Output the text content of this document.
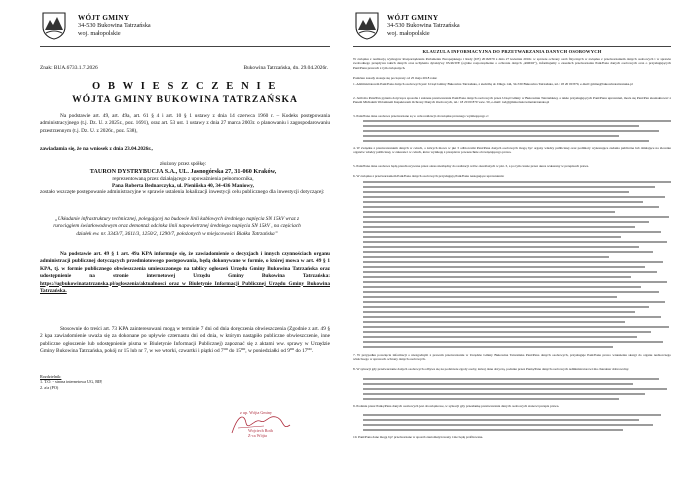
WÓJT GMINY
34-530 Bukowina Tatrzańska
woj. małopolskie
Znak: BUA.6733.1.7.2026	Bukowina Tatrzańska, dn. 29.04.2026r.
O B W I E S Z C Z E N I E
WÓJTA GMINY BUKOWINA TATRZAŃSKA
Na podstawie art. 49, art. 49a, art. 61 § 4 i art. 10 § 1 ustawy z dnia 14 czerwca 1960 r. – Kodeks postępowania administracyjnego (t.j. Dz. U. z 2025r., poz. 1691), oraz art. 53 ust. 1 ustawy z dnia 27 marca 2003r. o planowaniu i zagospodarowaniu przestrzennym (t.j. Dz. U. z 2026r., poz. 538),
zawiadamia się, że na wniosek z dnia 23.04.2026r.,
złożony przez spółkę:
TAURON DYSTRYBUCJA S.A., UL. Jasnogórska 27, 31-060 Kraków,
reprezentowaną przez działającego z upoważnienia pełnomocnika,
Pana Roberta Bednarczyka, ul. Pieniñska 40, 34-436 Maniowy,
zostało wszczęte postępowanie administracyjne w sprawie ustalenia lokalizacji inwestycji celu publicznego dla inwestycji dotyczącej:
„Układanie infrastruktury technicznej, polegającej na budowie linii kablowych średniego napięcia SN 15kV wraz z rurociągiem światłowodowym oraz demontaż odcinka linii napowietrznej średniego napięcia SN 15kV , na częściach działek ew. nr. 3343/7, 3611/3, 1250/2, 1290/7, położonych w miejscowości Białka Tatrzańska”
Na podstawie art. 49 § 1 art. 49a KPA informuje się, że zawiadomienie o decyzjach i innych czynnościach organu administracji publicznej dotyczących przedmiotowego postępowania, będą dokonywane w formie, o której mowa w art. 49 § 1 KPA, tj. w formie publicznego obwieszczenia umieszczonego na tablicy ogłoszeń Urzędu Gminy Bukowina Tatrzańska oraz udostępnienie na stronie internetowej Urzędu Gminy Bukowina Tatrzańska: https://ugbukowinatatrzanska.pl/ogloszenia/aktualnosci oraz w Biuletynie Informacji Publicznej Urzędu Gminy Bukowina Tatrzańska.
Stosownie do treści art. 73 KPA zainteresowani mogą w terminie 7 dni od dnia doręczenia obwieszczenia (Zgodnie z art. 49 § 2 kpa zawiadomienie uważa się za dokonane po upływie czternastu dni od dnia, w którym nastąpiło publiczne obwieszczenie, inne publiczne ogłoszenie lub udostępnienie pisma w Biuletynie Informacji Publicznej) zapoznać się z aktami ww. sprawy w Urzędzie Gminy Bukowina Tatrzańska, pokój nr 15 lub nr 7, w we wtorki, czwartki i piątki od 7⁰⁰ do 15⁰⁰, w poniedziałki od 9⁰⁰ do 17⁰⁰.
Rozdzielnik:
1. T.O. - strona internetowa UG, BIP,
2. a/a (PO)
z up. Wójta Gminy
Wojciech Roth
Z-ca Wójta
WÓJT GMINY
34-530 Bukowina Tatrzańska
woj. małopolskie
KLAUZULA INFORMACYJNA DO PRZETWARZANIA DANYCH OSOBOWYCH
W związku z realizacją wymogów Rozporządzenia Parlamentu Europejskiego i Rady (UE) 2016/679 z dnia 27 kwietnia 2016r. w sprawie ochrony osób fizycznych w związku z przetwarzaniem danych osobowych i w sprawie swobodnego przepływu takich danych oraz uchylenia dyrektywy 95/46/WE (ogólne rozporządzenie o ochronie danych „RODO”), informujemy o zasadach przetwarzania Pani/Pana danych osobowych oraz o przysługujących Pani/Panu prawach z tym związanych.
Poniższe zasady stosuje się począwszy od 25 maja 2018 roku:
1. Administratorem Pani/Pana danych osobowych jest: Urząd Gminy Bukowina Tatrzańska, z siedzibą ul. Długa 144, 34-530 Bukowina Tatrzańska, tel.: 18 20 00 870, e-mail: gmina@bukowinatatrzanska.pl
2. Jeśli ma Pani/Pan pytania dotyczące sposobu i zakresu przetwarzania Pani/Pana danych osobowych przez Urząd Gminy w Bukowinie Tatrzańskiej, a także przysługujących Pani/Panu uprawnień, może się Pani/Pan skontaktować z Panem Michałem Wolaninem Inspektorem Ochrony Danych Osobowych, tel.: 18 20 00 870 wew. 50, e-mail: iod@gmina.bukowinatatrzanska.pl
3. Pani/Pana dane osobowe przetwarzane są w celu realizacji obowiązku prawnego wynikającego z:
4. W związku z przetwarzaniem danych w celach, o których mowa w pkt 3 odbiorcami Pani/Pana danych osobowych mogą być organy władzy publicznej oraz podmioty wykonujące zadania publiczne lub działające na zlecenie organów władzy publicznej, w zakresie i w celach, które wynikają z przepisów powszechnie obowiązującego prawa.
5. Pani/Pana dane osobowe będą przechowywane przez okres niezbędny do realizacji celów określonych w pkt. 3, a po tym czasie przez okres wskazany w przepisach prawa.
6. W związku z przetwarzaniem Pani/Pana danych osobowych przysługują Pani/Panu następujące uprawnienia:
7. W przypadku powzięcia informacji o niezgodnym z prawem przetwarzaniu w Urzędzie Gminy Bukowina Tatrzańska Pani/Pana danych osobowych, przysługuje Pani/Panu prawo wniesienia skargi do organu nadzorczego właściwego w sprawach ochrony danych osobowych.
8. W sytuacji gdy przetwarzanie danych osobowych odbywa się na podstawie zgody osoby, której dane dotyczą, podanie przez Panią/Pana danych osobowych Administratorowi ma charakter dobrowolny.
9. Podanie przez Panią/Pana danych osobowych jest obowiązkowe, w sytuacji gdy przesłankę przetwarzania danych osobowych stanowi przepis prawa.
10. Pani/Pana dane mogą być przetwarzane w sposób zautomatyzowany i nie będą profilowane.
